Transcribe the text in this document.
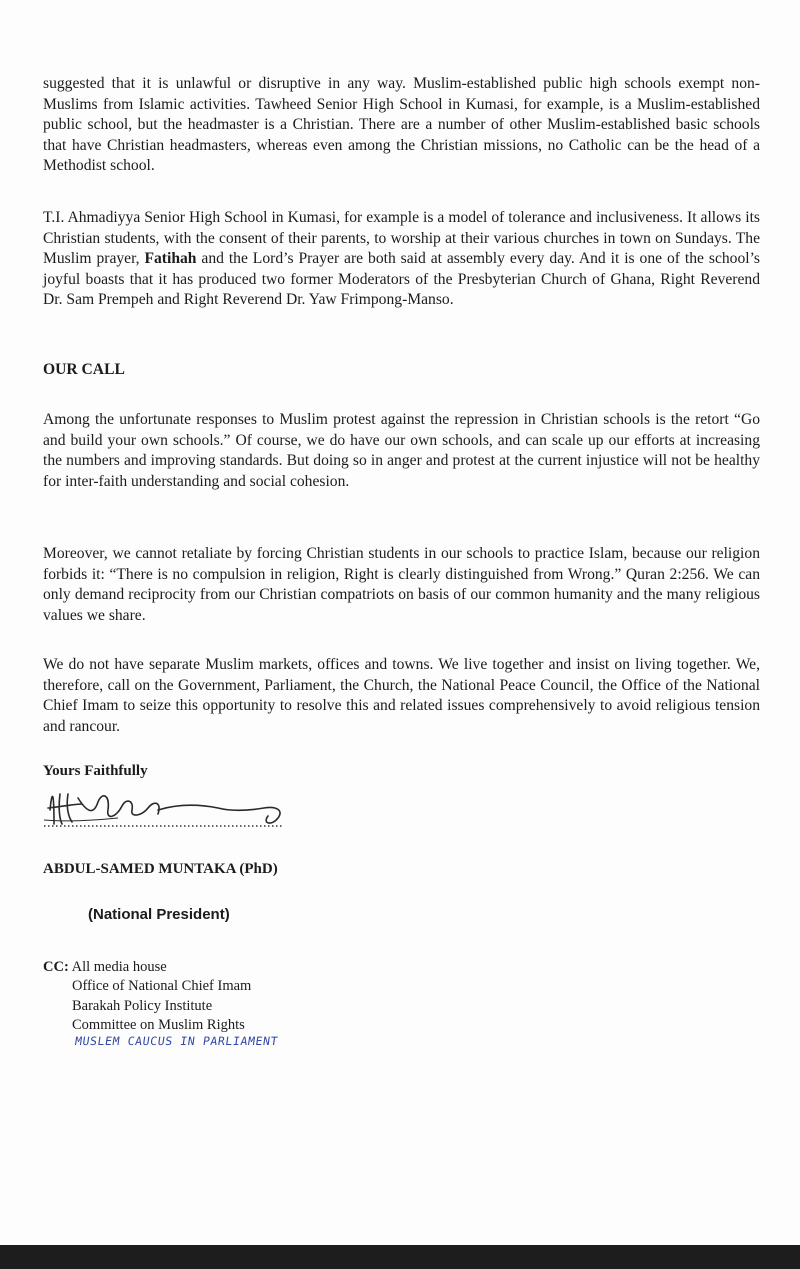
suggested that it is unlawful or disruptive in any way. Muslim-established public high schools exempt non-Muslims from Islamic activities. Tawheed Senior High School in Kumasi, for example, is a Muslim-established public school, but the headmaster is a Christian. There are a number of other Muslim-established basic schools that have Christian headmasters, whereas even among the Christian missions, no Catholic can be the head of a Methodist school.

T.I. Ahmadiyya Senior High School in Kumasi, for example is a model of tolerance and inclusiveness. It allows its Christian students, with the consent of their parents, to worship at their various churches in town on Sundays. The Muslim prayer, Fatihah and the Lord’s Prayer are both said at assembly every day. And it is one of the school’s joyful boasts that it has produced two former Moderators of the Presbyterian Church of Ghana, Right Reverend Dr. Sam Prempeh and Right Reverend Dr. Yaw Frimpong-Manso.

OUR CALL

Among the unfortunate responses to Muslim protest against the repression in Christian schools is the retort “Go and build your own schools.” Of course, we do have our own schools, and can scale up our efforts at increasing the numbers and improving standards. But doing so in anger and protest at the current injustice will not be healthy for inter-faith understanding and social cohesion.

Moreover, we cannot retaliate by forcing Christian students in our schools to practice Islam, because our religion forbids it: “There is no compulsion in religion, Right is clearly distinguished from Wrong.” Quran 2:256. We can only demand reciprocity from our Christian compatriots on basis of our common humanity and the many religious values we share.

We do not have separate Muslim markets, offices and towns. We live together and insist on living together. We, therefore, call on the Government, Parliament, the Church, the National Peace Council, the Office of the National Chief Imam to seize this opportunity to resolve this and related issues comprehensively to avoid religious tension and rancour.

Yours Faithfully
ABDUL-SAMED MUNTAKA (PhD)
(National President)
CC: All media house
Office of National Chief Imam
Barakah Policy Institute
Committee on Muslim Rights
MUSLEM CAUCUS IN PARLIAMENT
